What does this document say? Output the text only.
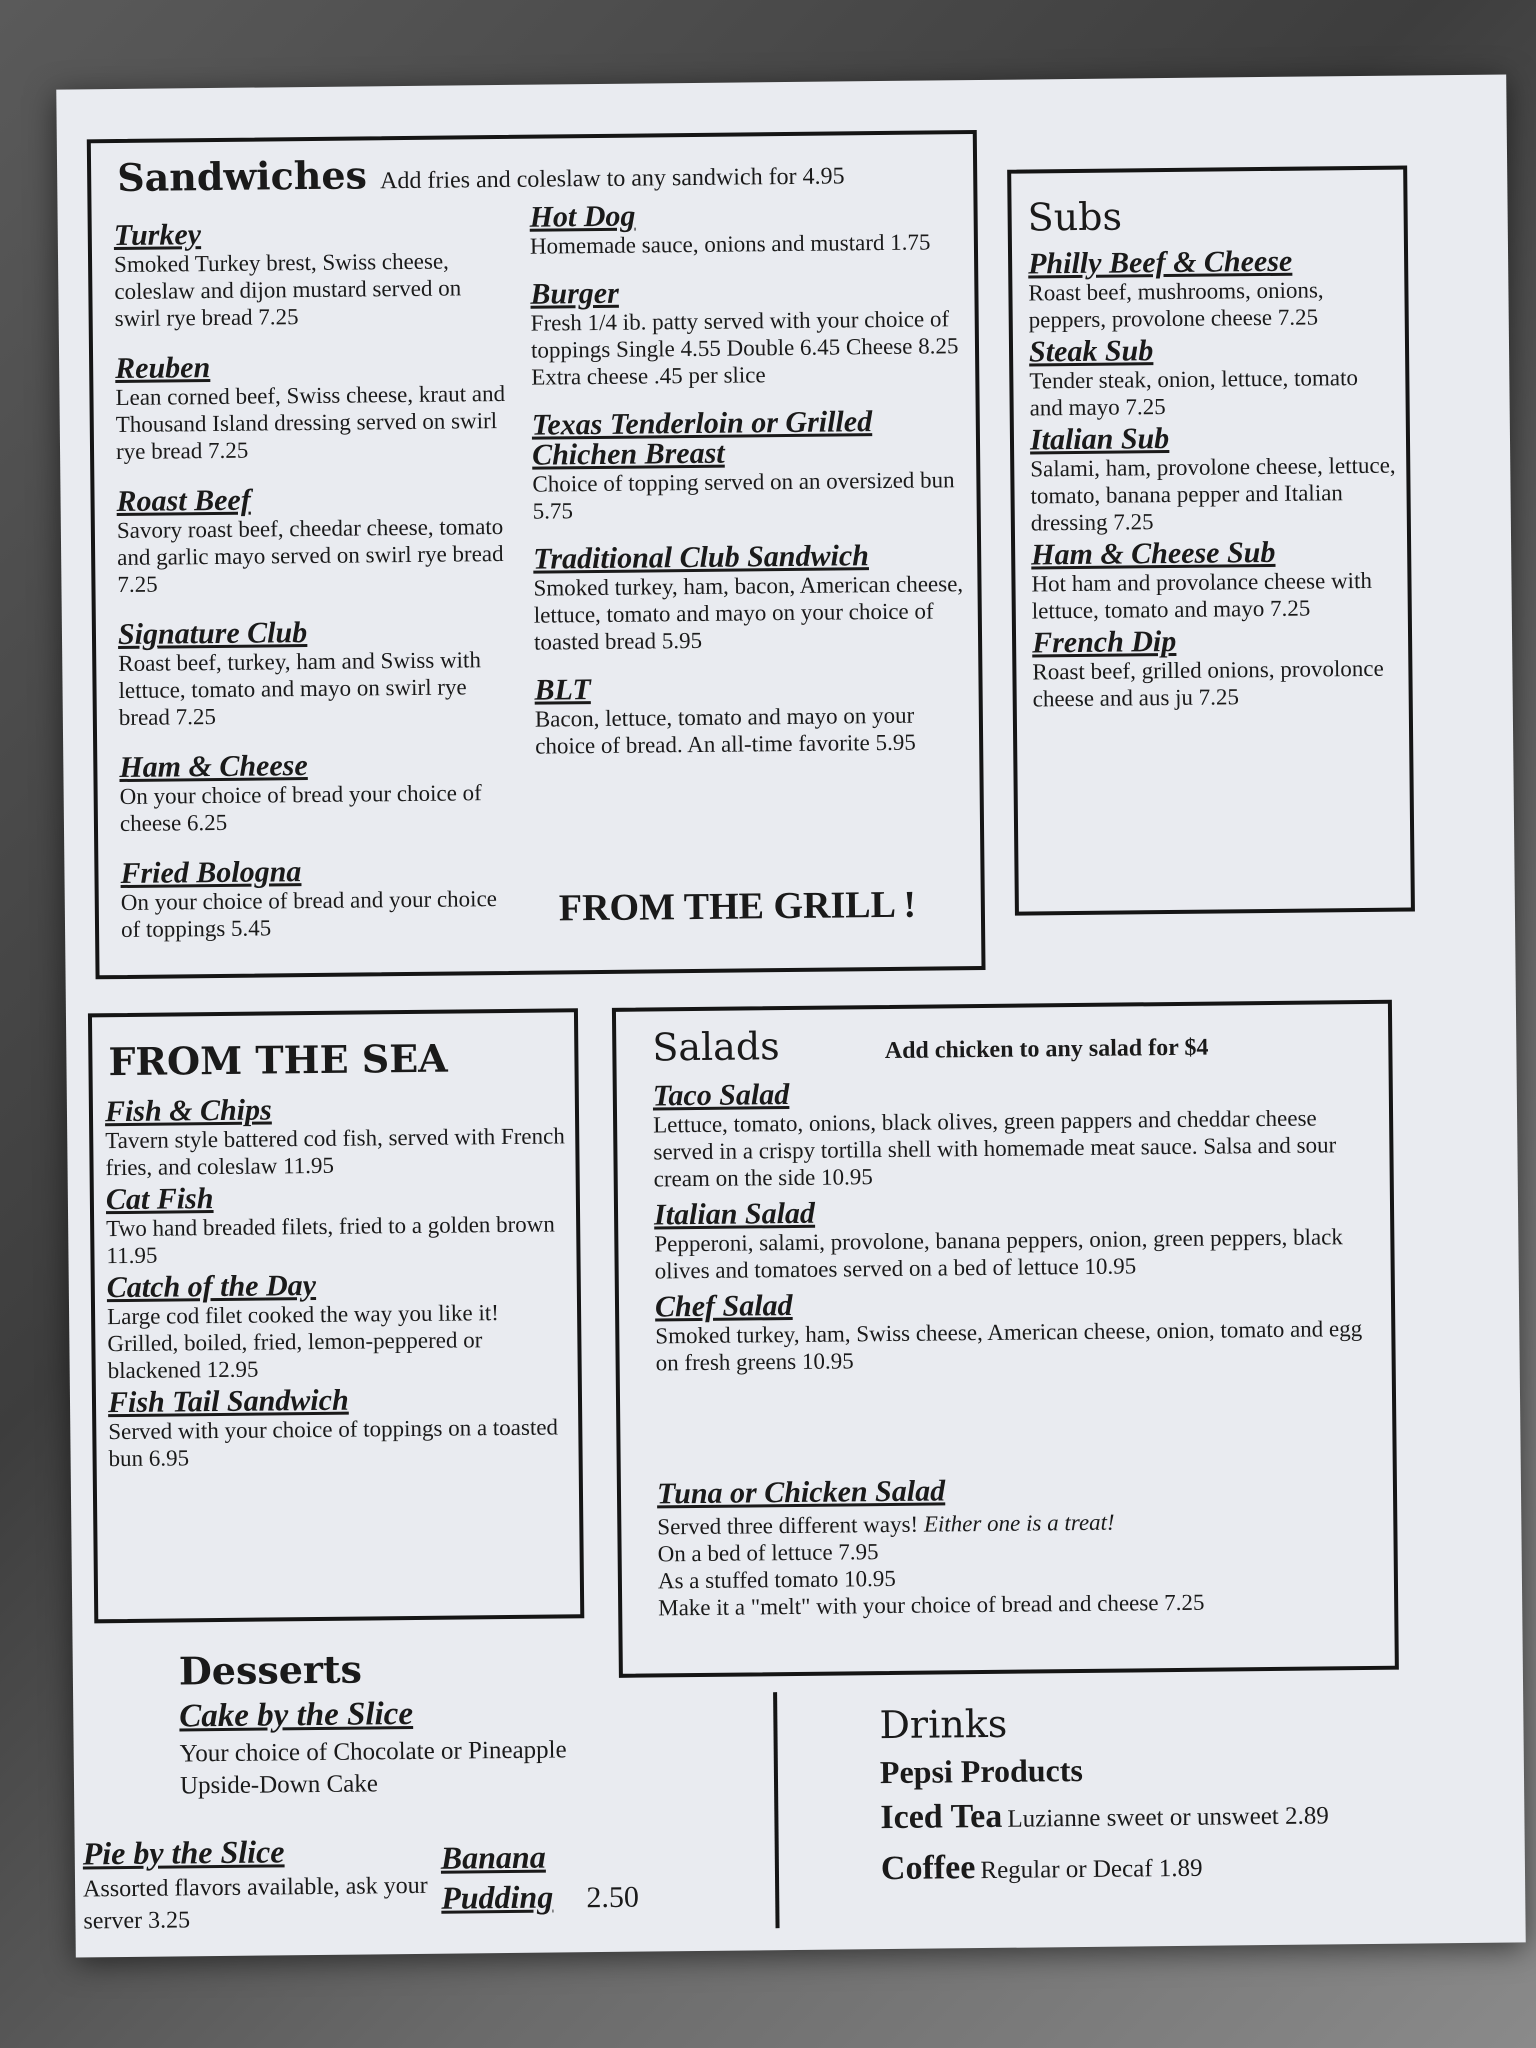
Sandwiches Add fries and coleslaw to any sandwich for 4.95
Turkey
Smoked Turkey brest, Swiss cheese, coleslaw and dijon mustard served on swirl rye bread 7.25
Reuben
Lean corned beef, Swiss cheese, kraut and Thousand Island dressing served on swirl rye bread 7.25
Roast Beef
Savory roast beef, cheedar cheese, tomato and garlic mayo served on swirl rye bread 7.25
Signature Club
Roast beef, turkey, ham and Swiss with lettuce, tomato and mayo on swirl rye bread 7.25
Ham & Cheese
On your choice of bread your choice of cheese 6.25
Fried Bologna
On your choice of bread and your choice of toppings 5.45
Hot Dog
Homemade sauce, onions and mustard 1.75
Burger
Fresh 1/4 ib. patty served with your choice of toppings Single 4.55 Double 6.45 Cheese 8.25 Extra cheese .45 per slice
Texas Tenderloin or Grilled Chichen Breast
Choice of topping served on an oversized bun 5.75
Traditional Club Sandwich
Smoked turkey, ham, bacon, American cheese, lettuce, tomato and mayo on your choice of toasted bread 5.95
BLT
Bacon, lettuce, tomato and mayo on your choice of bread. An all-time favorite 5.95
FROM THE GRILL !
Subs
Philly Beef & Cheese
Roast beef, mushrooms, onions, peppers, provolone cheese 7.25
Steak Sub
Tender steak, onion, lettuce, tomato and mayo 7.25
Italian Sub
Salami, ham, provolone cheese, lettuce, tomato, banana pepper and Italian dressing 7.25
Ham & Cheese Sub
Hot ham and provolance cheese with lettuce, tomato and mayo 7.25
French Dip
Roast beef, grilled onions, provolonce cheese and aus ju 7.25
FROM THE SEA
Fish & Chips
Tavern style battered cod fish, served with French fries, and coleslaw 11.95
Cat Fish
Two hand breaded filets, fried to a golden brown 11.95
Catch of the Day
Large cod filet cooked the way you like it! Grilled, boiled, fried, lemon-peppered or blackened 12.95
Fish Tail Sandwich
Served with your choice of toppings on a toasted bun 6.95
Salads	Add chicken to any salad for $4
Taco Salad
Lettuce, tomato, onions, black olives, green pappers and cheddar cheese served in a crispy tortilla shell with homemade meat sauce. Salsa and sour cream on the side 10.95
Italian Salad
Pepperoni, salami, provolone, banana peppers, onion, green peppers, black olives and tomatoes served on a bed of lettuce 10.95
Chef Salad
Smoked turkey, ham, Swiss cheese, American cheese, onion, tomato and egg on fresh greens 10.95
Tuna or Chicken Salad
Served three different ways! Either one is a treat!
On a bed of lettuce 7.95
As a stuffed tomato 10.95
Make it a "melt" with your choice of bread and cheese 7.25
Desserts
Cake by the Slice
Your choice of Chocolate or Pineapple Upside-Down Cake
Pie by the Slice
Assorted flavors available, ask your server 3.25
Banana
Pudding 2.50
Drinks
Pepsi Products
Iced Tea Luzianne sweet or unsweet 2.89
Coffee Regular or Decaf 1.89
